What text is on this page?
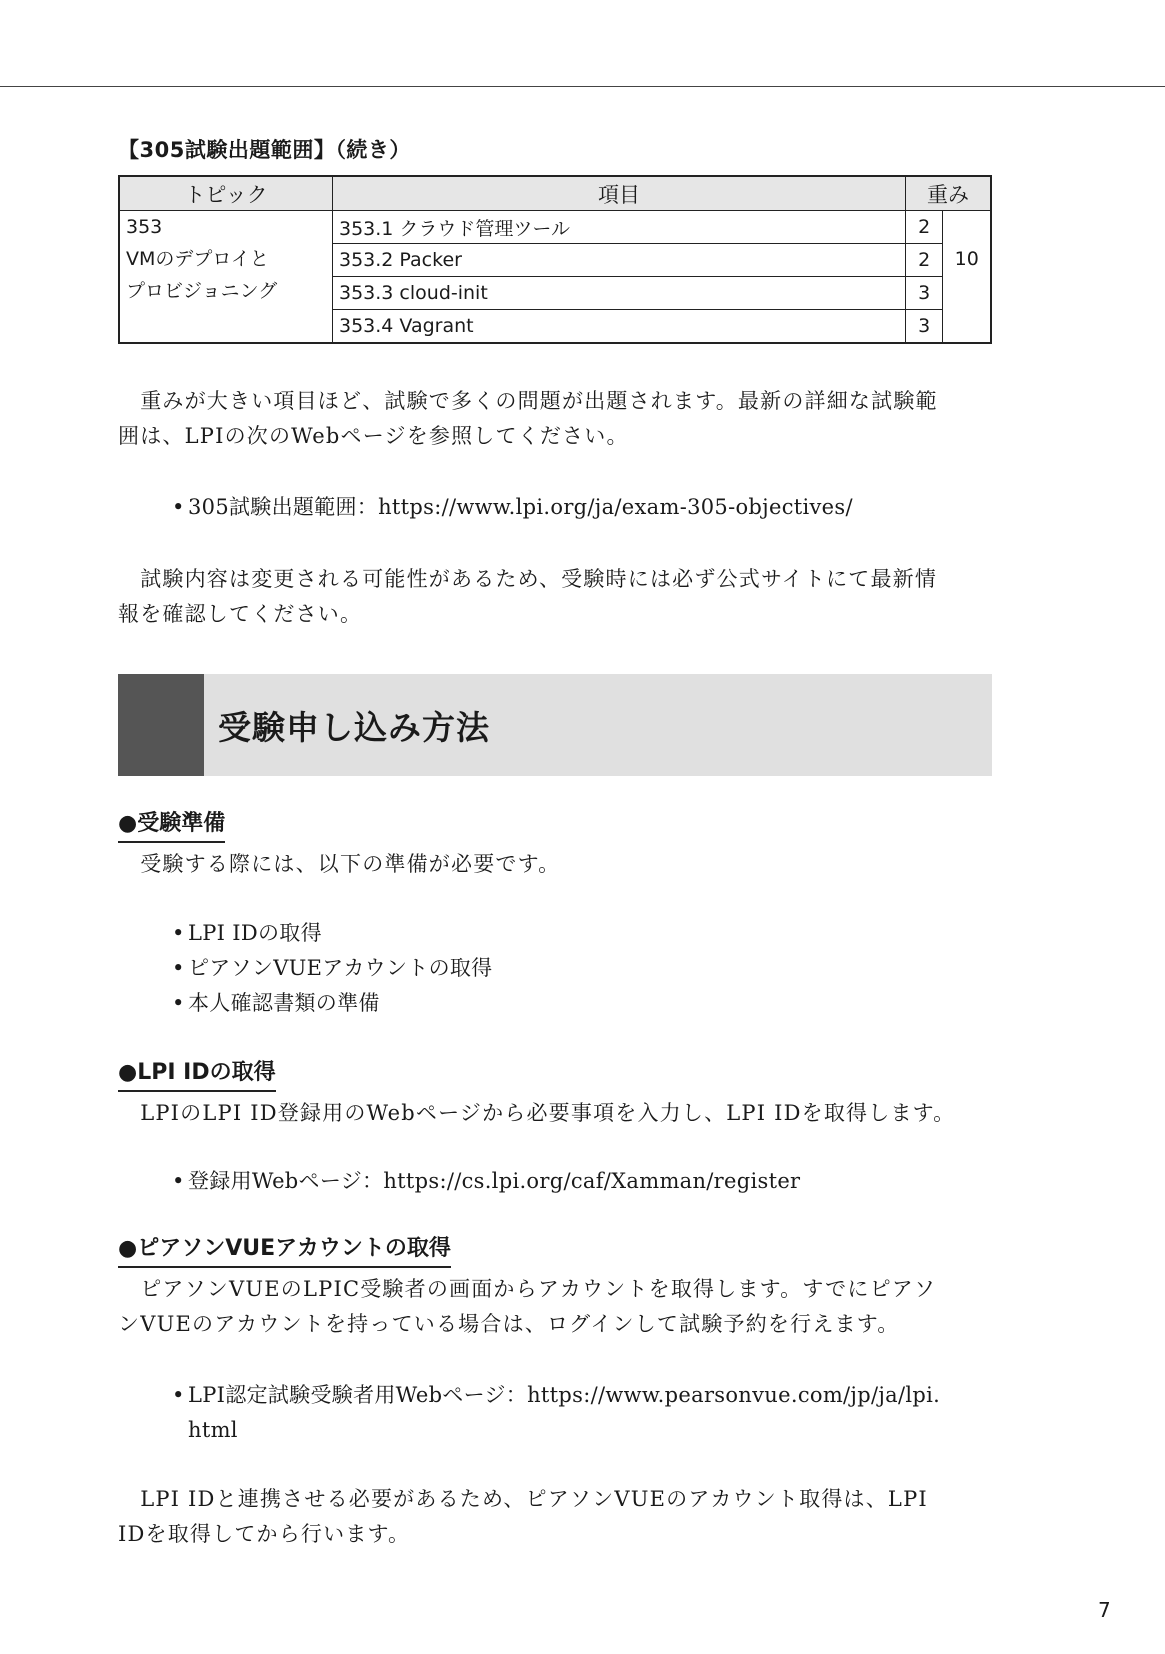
【305試験出題範囲】（続き）
トピック	項目	重み	

353
VMのデプロイと
プロビジョニング	353.1 クラウド管理ツール	2	10

	353.2 Packer	2	
	353.3 cloud-init	3	
	353.4 Vagrant	3	
　重みが大きい項目ほど、試験で多くの問題が出題されます。最新の詳細な試験範
囲は、LPIの次のWebページを参照してください。
• 305試験出題範囲：https://www.lpi.org/ja/exam-305-objectives/
　試験内容は変更される可能性があるため、受験時には必ず公式サイトにて最新情
報を確認してください。
受験申し込み方法
●受験準備
　受験する際には、以下の準備が必要です。
• LPI IDの取得
• ピアソンVUEアカウントの取得
• 本人確認書類の準備
●LPI IDの取得
　LPIのLPI ID登録用のWebページから必要事項を入力し、LPI IDを取得します。
• 登録用Webページ：https://cs.lpi.org/caf/Xamman/register
●ピアソンVUEアカウントの取得
　ピアソンVUEのLPIC受験者の画面からアカウントを取得します。すでにピアソ
ンVUEのアカウントを持っている場合は、ログインして試験予約を行えます。
• LPI認定試験受験者用Webページ：https://www.pearsonvue.com/jp/ja/lpi.
html
　LPI IDと連携させる必要があるため、ピアソンVUEのアカウント取得は、LPI
IDを取得してから行います。
7
